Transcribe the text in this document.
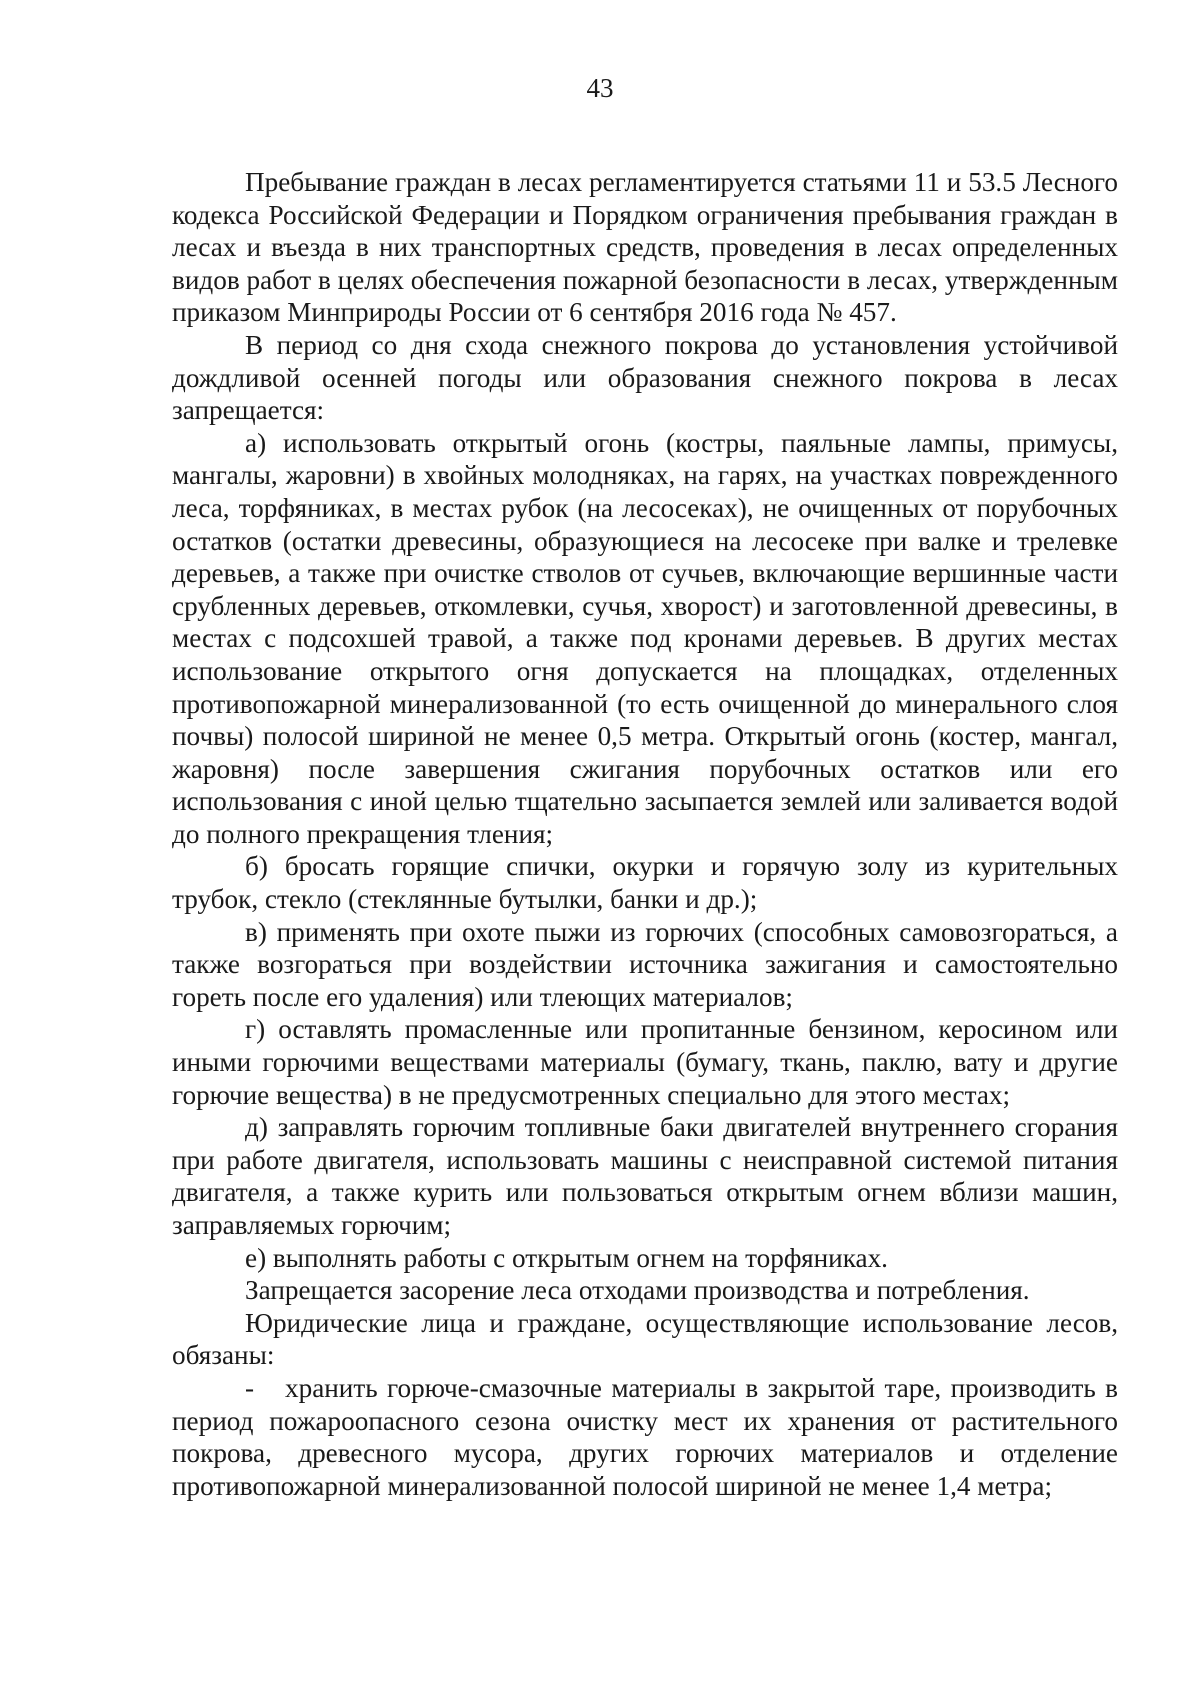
43

Пребывание граждан в лесах регламентируется статьями 11 и 53.5 Лесного кодекса Российской Федерации и Порядком ограничения пребывания граждан в лесах и въезда в них транспортных средств, проведения в лесах определенных видов работ в целях обеспечения пожарной безопасности в лесах, утвержденным приказом Минприроды России от 6 сентября 2016 года № 457.

В период со дня схода снежного покрова до установления устойчивой дождливой осенней погоды или образования снежного покрова в лесах запрещается:

а) использовать открытый огонь (костры, паяльные лампы, примусы, мангалы, жаровни) в хвойных молодняках, на гарях, на участках поврежденного леса, торфяниках, в местах рубок (на лесосеках), не очищенных от порубочных остатков (остатки древесины, образующиеся на лесосеке при валке и трелевке деревьев, а также при очистке стволов от сучьев, включающие вершинные части срубленных деревьев, откомлевки, сучья, хворост) и заготовленной древесины, в местах с подсохшей травой, а также под кронами деревьев. В других местах использование открытого огня допускается на площадках, отделенных противопожарной минерализованной (то есть очищенной до минерального слоя почвы) полосой шириной не менее 0,5 метра. Открытый огонь (костер, мангал, жаровня) после завершения сжигания порубочных остатков или его использования с иной целью тщательно засыпается землей или заливается водой до полного прекращения тления;

б) бросать горящие спички, окурки и горячую золу из курительных трубок, стекло (стеклянные бутылки, банки и др.);

в) применять при охоте пыжи из горючих (способных самовозгораться, а также возгораться при воздействии источника зажигания и самостоятельно гореть после его удаления) или тлеющих материалов;

г) оставлять промасленные или пропитанные бензином, керосином или иными горючими веществами материалы (бумагу, ткань, паклю, вату и другие горючие вещества) в не предусмотренных специально для этого местах;

д) заправлять горючим топливные баки двигателей внутреннего сгорания при работе двигателя, использовать машины с неисправной системой питания двигателя, а также курить или пользоваться открытым огнем вблизи машин, заправляемых горючим;

е) выполнять работы с открытым огнем на торфяниках.

Запрещается засорение леса отходами производства и потребления.

Юридические лица и граждане, осуществляющие использование лесов, обязаны:

- хранить горюче-смазочные материалы в закрытой таре, производить в период пожароопасного сезона очистку мест их хранения от растительного покрова, древесного мусора, других горючих материалов и отделение противопожарной минерализованной полосой шириной не менее 1,4 метра;
